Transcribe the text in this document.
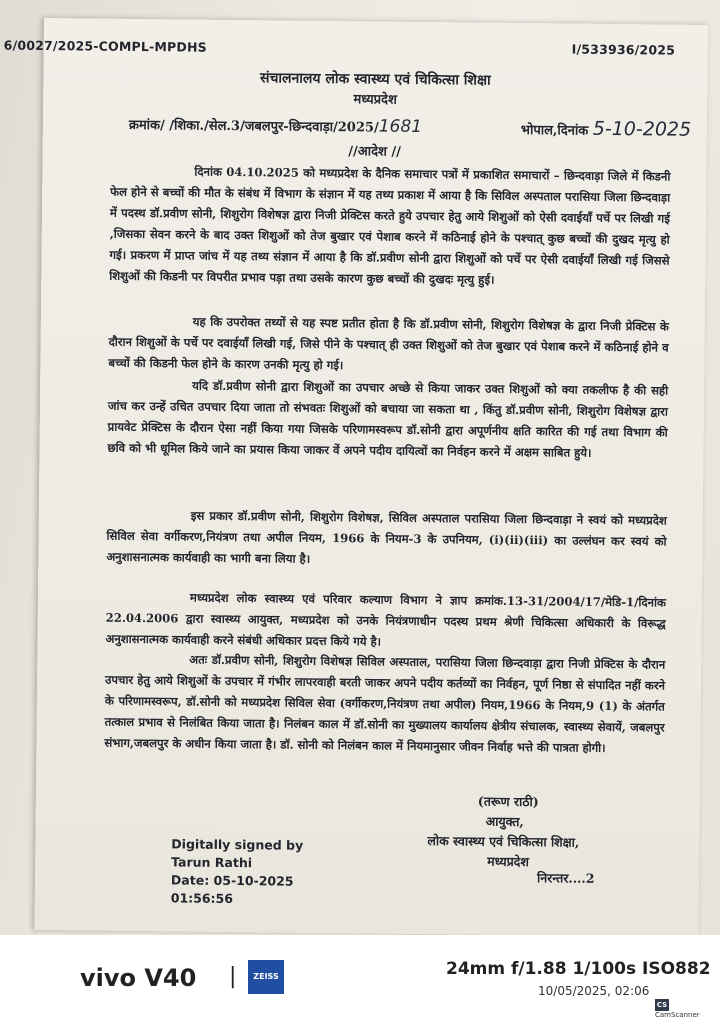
6/0027/2025-COMPL-MPDHS	I/533936/2025
संचालनालय लोक स्वास्थ्य एवं चिकित्सा शिक्षा
मध्यप्रदेश
क्रमांक/ /शिका./सेल.3/जबलपुर-छिन्दवाड़ा/2025/1681	भोपाल,दिनांक 5-10-2025
//आदेश //

दिनांक 04.10.2025 को मध्यप्रदेश के दैनिक समाचार पत्रों में प्रकाशित समाचारों – छिन्दवाड़ा जिले में किडनी फेल होने से बच्चों की मौत के संबंध में विभाग के संज्ञान में यह तथ्य प्रकाश में आया है कि सिविल अस्पताल परासिया जिला छिन्दवाड़ा में पदस्थ डॉ.प्रवीण सोनी, शिशुरोग विशेषज्ञ द्वारा निजी प्रेक्टिस करते हुये उपचार हेतु आये शिशुओं को ऐसी दवाईयाँ पर्चे पर लिखी गई ,जिसका सेवन करने के बाद उक्त शिशुओं को तेज बुखार एवं पेशाब करने में कठिनाई होने के पश्चात् कुछ बच्चों की दुखद मृत्यु हो गई। प्रकरण में प्राप्त जांच में यह तथ्य संज्ञान में आया है कि डॉ.प्रवीण सोनी द्वारा शिशुओं को पर्चे पर ऐसी दवाईयाँ लिखी गई जिससे शिशुओं की किडनी पर विपरीत प्रभाव पड़ा तथा उसके कारण कुछ बच्चों की दुखदः मृत्यु हुई।

यह कि उपरोक्त तथ्यों से यह स्पष्ट प्रतीत होता है कि डॉ.प्रवीण सोनी, शिशुरोग विशेषज्ञ के द्वारा निजी प्रेक्टिस के दौरान शिशुओं के पर्चे पर दवाईयाँ लिखी गई, जिसे पीने के पश्चात् ही उक्त शिशुओं को तेज बुखार एवं पेशाब करने में कठिनाई होने व बच्चों की किडनी फेल होने के कारण उनकी मृत्यु हो गई।

यदि डॉ.प्रवीण सोनी द्वारा शिशुओं का उपचार अच्छे से किया जाकर उक्त शिशुओं को क्या तकलीफ है की सही जांच कर उन्हें उचित उपचार दिया जाता तो संभवतः शिशुओं को बचाया जा सकता था , किंतु डॉ.प्रवीण सोनी, शिशुरोग विशेषज्ञ द्वारा प्रायवेट प्रेक्टिस के दौरान ऐसा नहीं किया गया जिसके परिणामस्वरूप डॉ.सोनी द्वारा अपूर्णनीय क्षति कारित की गई तथा विभाग की छवि को भी धूमिल किये जाने का प्रयास किया जाकर वें अपने पदीय दायित्वों का निर्वहन करने में अक्षम साबित हुये।

इस प्रकार डॉ.प्रवीण सोनी, शिशुरोग विशेषज्ञ, सिविल अस्पताल परासिया जिला छिन्दवाड़ा ने स्वयं को मध्यप्रदेश सिविल सेवा वर्गीकरण,नियंत्रण तथा अपील नियम, 1966 के नियम-3 के उपनियम, (i)(ii)(iii) का उल्लंघन कर स्वयं को अनुशासनात्मक कार्यवाही का भागी बना लिया है।

मध्यप्रदेश लोक स्वास्थ्य एवं परिवार कल्याण विभाग ने ज्ञाप क्रमांक.13-31/2004/17/मेडि-1/दिनांक 22.04.2006 द्वारा स्वास्थ्य आयुक्त, मध्यप्रदेश को उनके नियंत्रणाधीन पदस्थ प्रथम श्रेणी चिकित्सा अधिकारी के विरूद्ध अनुशासनात्मक कार्यवाही करने संबंधी अधिकार प्रदत्त किये गये है।

अतः डॉ.प्रवीण सोनी, शिशुरोग विशेषज्ञ सिविल अस्पताल, परासिया जिला छिन्दवाड़ा द्वारा निजी प्रेक्टिस के दौरान उपचार हेतु आये शिशुओं के उपचार में गंभीर लापरवाही बरती जाकर अपने पदीय कर्तव्यों का निर्वहन, पूर्ण निष्ठा से संपादित नहीं करने के परिणामस्वरूप, डॉ.सोनी को मध्यप्रदेश सिविल सेवा (वर्गीकरण,नियंत्रण तथा अपील) नियम,1966 के नियम,9 (1) के अंतर्गत तत्काल प्रभाव से निलंबित किया जाता है। निलंबन काल में डॉ.सोनी का मुख्यालय कार्यालय क्षेत्रीय संचालक, स्वास्थ्य सेवायें, जबलपुर संभाग,जबलपुर के अधीन किया जाता है। डॉ. सोनी को निलंबन काल में नियमानुसार जीवन निर्वाह भत्ते की पात्रता होगी।

(तरूण राठी)
आयुक्त,
लोक स्वास्थ्य एवं चिकित्सा शिक्षा,
मध्यप्रदेश
निरन्तर....2
Digitally signed by
Tarun Rathi
Date: 05-10-2025
01:56:56
vivo V40 |	24mm f/1.88 1/100s ISO882
10/05/2025, 02:06
ZEISS
CS CamScanner
